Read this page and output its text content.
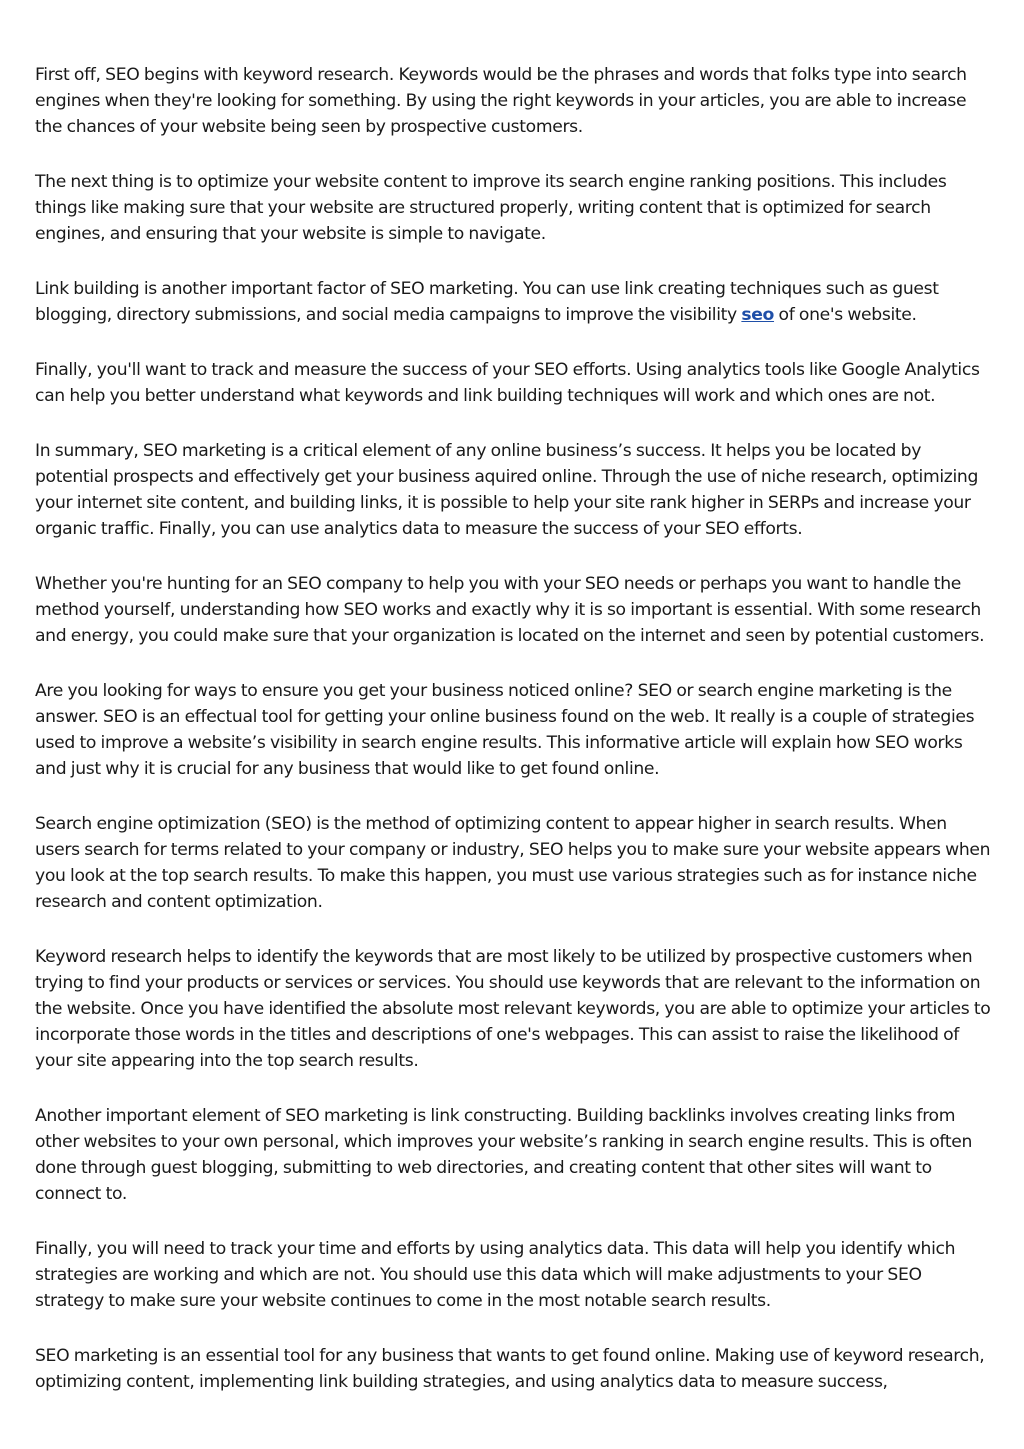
First off, SEO begins with keyword research. Keywords would be the phrases and words that folks type into search engines when they're looking for something. By using the right keywords in your articles, you are able to increase the chances of your website being seen by prospective customers.

The next thing is to optimize your website content to improve its search engine ranking positions. This includes things like making sure that your website are structured properly, writing content that is optimized for search engines, and ensuring that your website is simple to navigate.

Link building is another important factor of SEO marketing. You can use link creating techniques such as guest blogging, directory submissions, and social media campaigns to improve the visibility seo of one's website.

Finally, you'll want to track and measure the success of your SEO efforts. Using analytics tools like Google Analytics can help you better understand what keywords and link building techniques will work and which ones are not.

In summary, SEO marketing is a critical element of any online business’s success. It helps you be located by potential prospects and effectively get your business aquired online. Through the use of niche research, optimizing your internet site content, and building links, it is possible to help your site rank higher in SERPs and increase your organic traffic. Finally, you can use analytics data to measure the success of your SEO efforts.

Whether you're hunting for an SEO company to help you with your SEO needs or perhaps you want to handle the method yourself, understanding how SEO works and exactly why it is so important is essential. With some research and energy, you could make sure that your organization is located on the internet and seen by potential customers.

Are you looking for ways to ensure you get your business noticed online? SEO or search engine marketing is the answer. SEO is an effectual tool for getting your online business found on the web. It really is a couple of strategies used to improve a website’s visibility in search engine results. This informative article will explain how SEO works and just why it is crucial for any business that would like to get found online.

Search engine optimization (SEO) is the method of optimizing content to appear higher in search results. When users search for terms related to your company or industry, SEO helps you to make sure your website appears when you look at the top search results. To make this happen, you must use various strategies such as for instance niche research and content optimization.

Keyword research helps to identify the keywords that are most likely to be utilized by prospective customers when trying to find your products or services or services. You should use keywords that are relevant to the information on the website. Once you have identified the absolute most relevant keywords, you are able to optimize your articles to incorporate those words in the titles and descriptions of one's webpages. This can assist to raise the likelihood of your site appearing into the top search results.

Another important element of SEO marketing is link constructing. Building backlinks involves creating links from other websites to your own personal, which improves your website’s ranking in search engine results. This is often done through guest blogging, submitting to web directories, and creating content that other sites will want to connect to.

Finally, you will need to track your time and efforts by using analytics data. This data will help you identify which strategies are working and which are not. You should use this data which will make adjustments to your SEO strategy to make sure your website continues to come in the most notable search results.

SEO marketing is an essential tool for any business that wants to get found online. Making use of keyword research, optimizing content, implementing link building strategies, and using analytics data to measure success,
